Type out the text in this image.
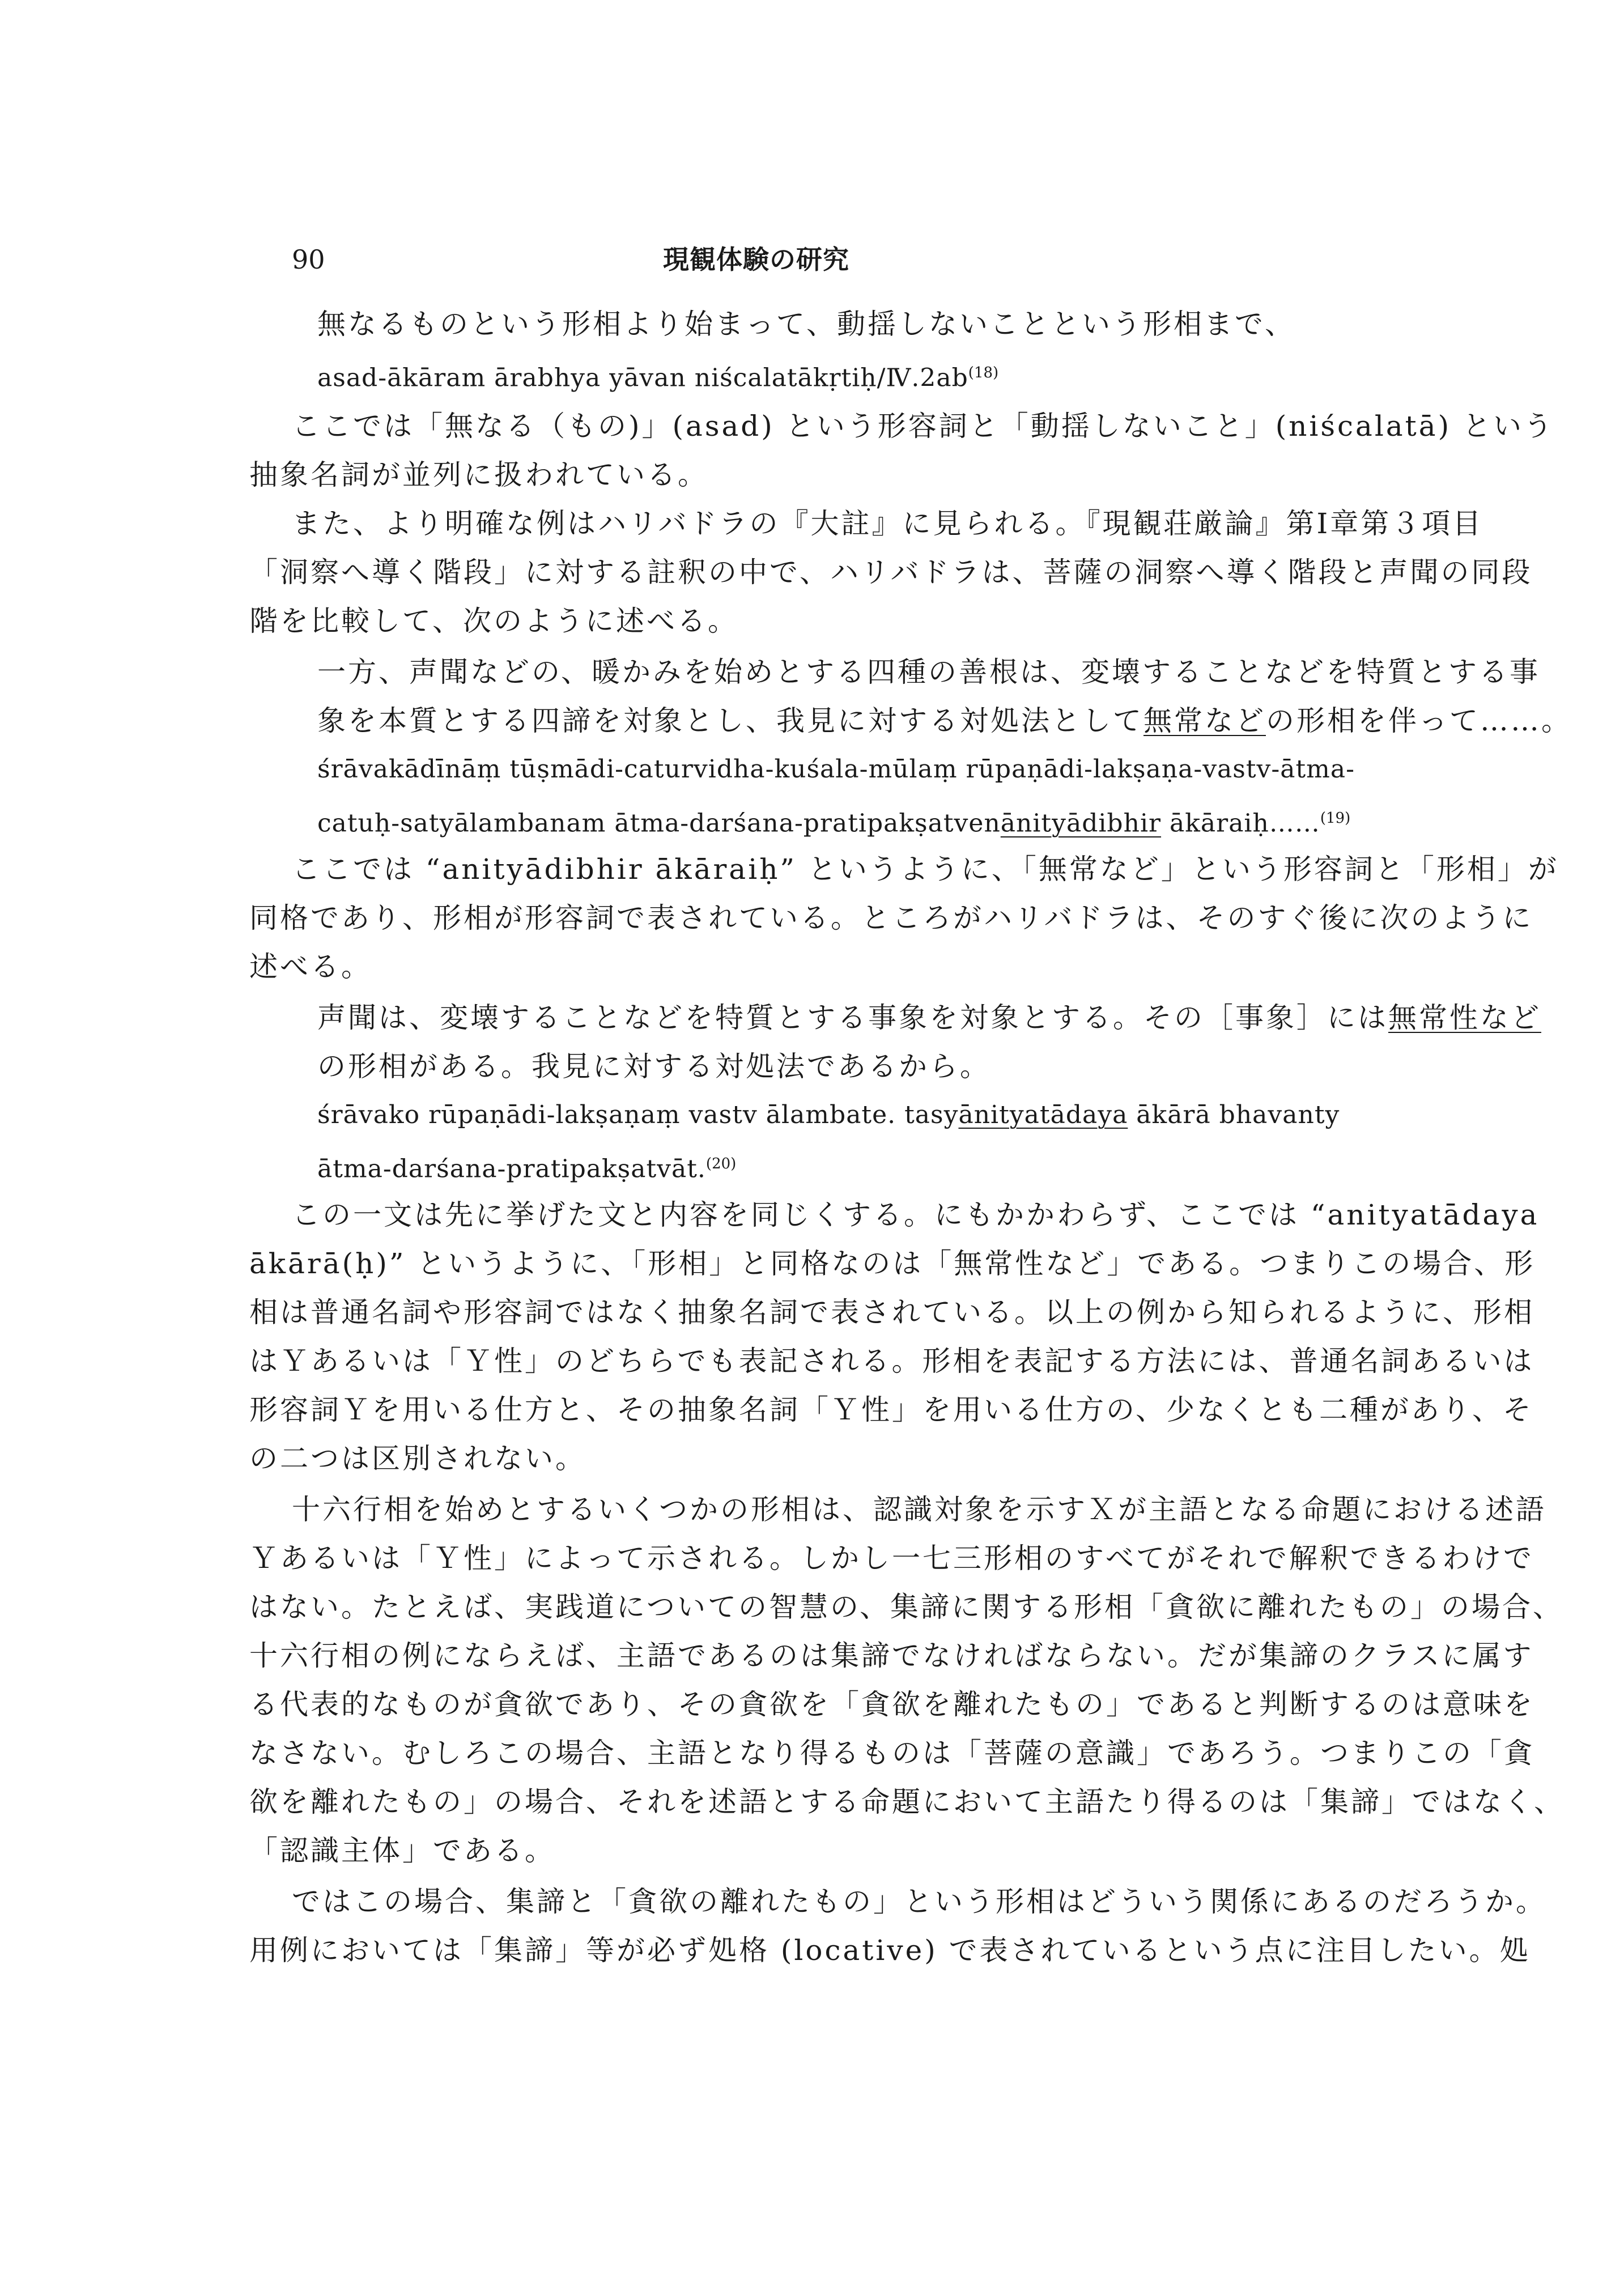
90	現観体験の研究
無なるものという形相より始まって、動揺しないことという形相まで、
asad-ākāram ārabhya yāvan niścalatākṛtiḥ/Ⅳ.2ab$^{(18)}$
ここでは「無なる（もの)」(asad) という形容詞と「動揺しないこと」(niścalatā) という
抽象名詞が並列に扱われている。
また、より明確な例はハリバドラの『大註』に見られる。『現観荘厳論』第Ⅰ章第３項目
「洞察へ導く階段」に対する註釈の中で、ハリバドラは、菩薩の洞察へ導く階段と声聞の同段
階を比較して、次のように述べる。
一方、声聞などの、暖かみを始めとする四種の善根は、変壊することなどを特質とする事
象を本質とする四諦を対象とし、我見に対する対処法として無常などの形相を伴って……。
śrāvakādīnāṃ tūṣmādi-caturvidha-kuśala-mūlaṃ rūpaṇādi-lakṣaṇa-vastv-ātma-
catuḥ-satyālambanam ātma-darśana-pratipakṣatvenānityādibhir ākāraiḥ……$^{(19)}$
ここでは “anityādibhir ākāraiḥ” というように、「無常など」という形容詞と「形相」が
同格であり、形相が形容詞で表されている。ところがハリバドラは、そのすぐ後に次のように
述べる。
声聞は、変壊することなどを特質とする事象を対象とする。その［事象］には無常性など
の形相がある。我見に対する対処法であるから。
śrāvako rūpaṇādi-lakṣaṇaṃ vastv ālambate. tasyānityatādaya ākārā bhavanty
ātma-darśana-pratipakṣatvāt.$^{(20)}$
この一文は先に挙げた文と内容を同じくする。にもかかわらず、ここでは “anityatādaya
ākārā(ḥ)” というように、「形相」と同格なのは「無常性など」である。つまりこの場合、形
相は普通名詞や形容詞ではなく抽象名詞で表されている。以上の例から知られるように、形相
はＹあるいは「Ｙ性」のどちらでも表記される。形相を表記する方法には、普通名詞あるいは
形容詞Ｙを用いる仕方と、その抽象名詞「Ｙ性」を用いる仕方の、少なくとも二種があり、そ
の二つは区別されない。
十六行相を始めとするいくつかの形相は、認識対象を示すＸが主語となる命題における述語
Ｙあるいは「Ｙ性」によって示される。しかし一七三形相のすべてがそれで解釈できるわけで
はない。たとえば、実践道についての智慧の、集諦に関する形相「貪欲に離れたもの」の場合、
十六行相の例にならえば、主語であるのは集諦でなければならない。だが集諦のクラスに属す
る代表的なものが貪欲であり、その貪欲を「貪欲を離れたもの」であると判断するのは意味を
なさない。むしろこの場合、主語となり得るものは「菩薩の意識」であろう。つまりこの「貪
欲を離れたもの」の場合、それを述語とする命題において主語たり得るのは「集諦」ではなく、
「認識主体」である。
ではこの場合、集諦と「貪欲の離れたもの」という形相はどういう関係にあるのだろうか。
用例においては「集諦」等が必ず処格 (locative) で表されているという点に注目したい。処
